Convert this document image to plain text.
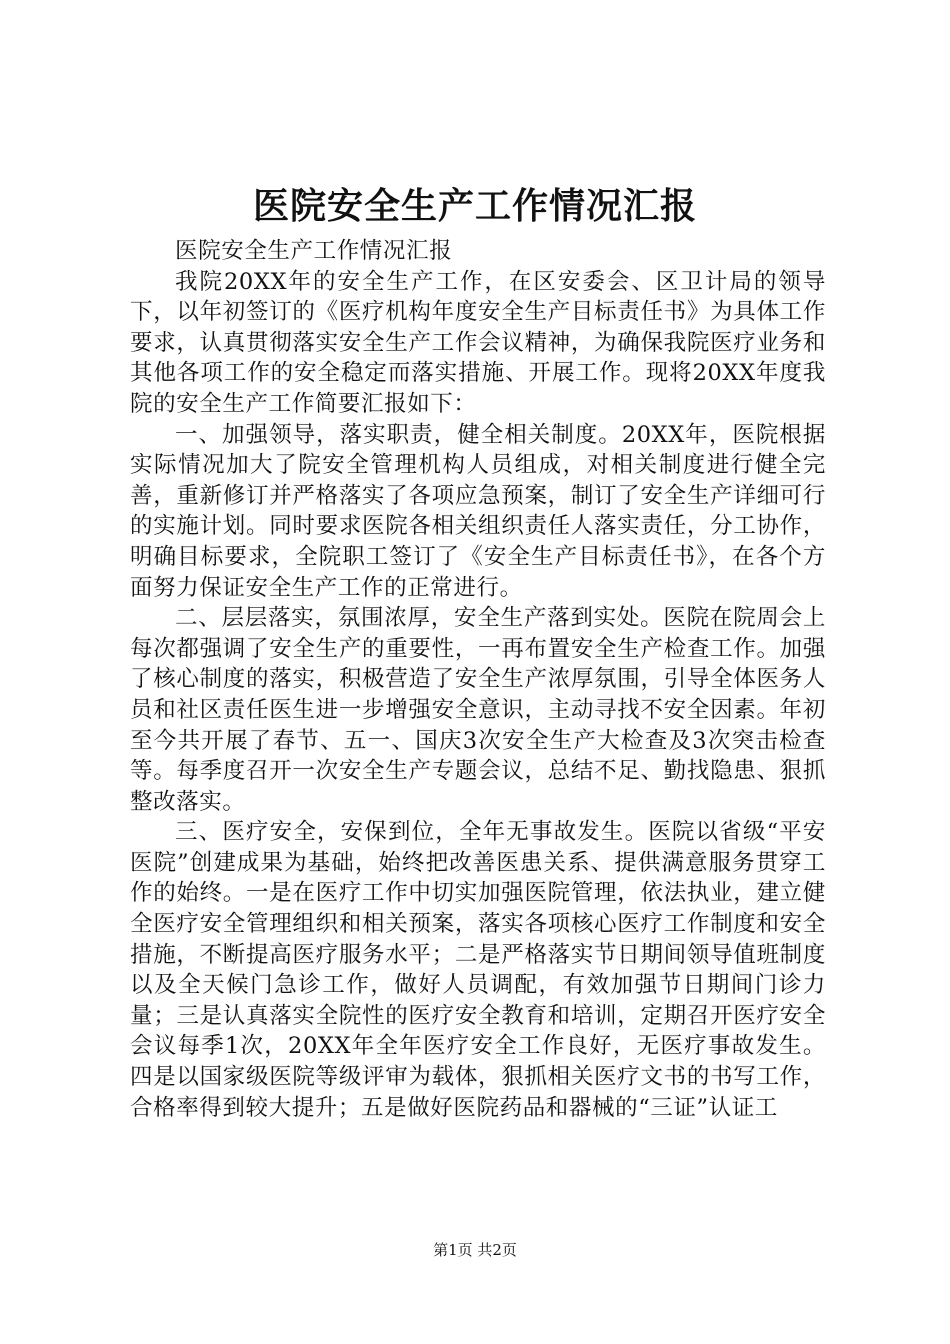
医院安全生产工作情况汇报

医院安全生产工作情况汇报

我院20XX年的安全生产工作，在区安委会、区卫计局的领导下，以年初签订的《医疗机构年度安全生产目标责任书》为具体工作要求，认真贯彻落实安全生产工作会议精神，为确保我院医疗业务和其他各项工作的安全稳定而落实措施、开展工作。现将20XX年度我院的安全生产工作简要汇报如下：

一、加强领导，落实职责，健全相关制度。20XX年，医院根据实际情况加大了院安全管理机构人员组成，对相关制度进行健全完善，重新修订并严格落实了各项应急预案，制订了安全生产详细可行的实施计划。同时要求医院各相关组织责任人落实责任，分工协作，明确目标要求，全院职工签订了《安全生产目标责任书》，在各个方面努力保证安全生产工作的正常进行。

二、层层落实，氛围浓厚，安全生产落到实处。医院在院周会上每次都强调了安全生产的重要性，一再布置安全生产检查工作。加强了核心制度的落实，积极营造了安全生产浓厚氛围，引导全体医务人员和社区责任医生进一步增强安全意识，主动寻找不安全因素。年初至今共开展了春节、五一、国庆3次安全生产大检查及3次突击检查等。每季度召开一次安全生产专题会议，总结不足、勤找隐患、狠抓整改落实。

三、医疗安全，安保到位，全年无事故发生。医院以省级“平安医院”创建成果为基础，始终把改善医患关系、提供满意服务贯穿工作的始终。一是在医疗工作中切实加强医院管理，依法执业，建立健全医疗安全管理组织和相关预案，落实各项核心医疗工作制度和安全措施，不断提高医疗服务水平；二是严格落实节日期间领导值班制度以及全天候门急诊工作，做好人员调配，有效加强节日期间门诊力量；三是认真落实全院性的医疗安全教育和培训，定期召开医疗安全会议每季1次，20XX年全年医疗安全工作良好，无医疗事故发生。四是以国家级医院等级评审为载体，狠抓相关医疗文书的书写工作，合格率得到较大提升；五是做好医院药品和器械的“三证”认证工

第1页 共2页
